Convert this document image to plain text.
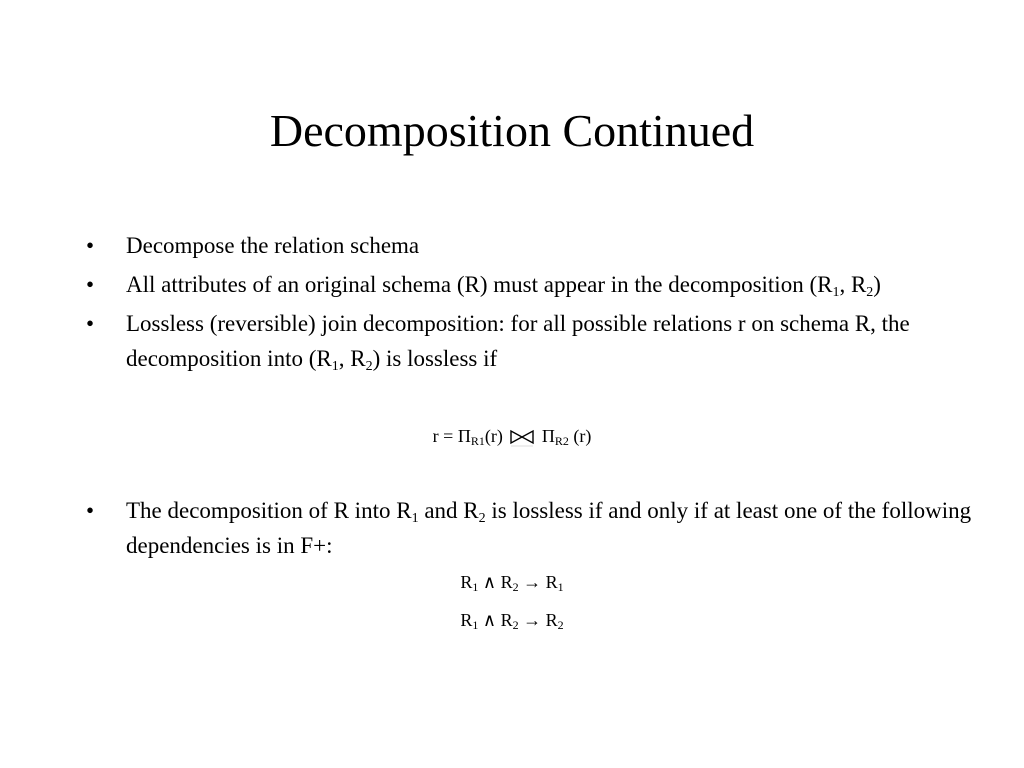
Decomposition Continued
•	Decompose the relation schema
•	All attributes of an original schema (R) must appear in the decomposition ($R_1$, $R_2$)
•	Lossless (reversible) join decomposition: for all possible relations r on schema R, the decomposition into ($R_1$, $R_2$) is lossless if
$r = \Pi_{R1}(r)$  $\Pi_{R2}$ (r)
•	The decomposition of R into $R_1$ and $R_2$ is lossless if and only if at least one of the following dependencies is in F+:
$R_1$ ∧ $R_2 \to R_1$
$R_1$ ∧ $R_2 \to R_2$
